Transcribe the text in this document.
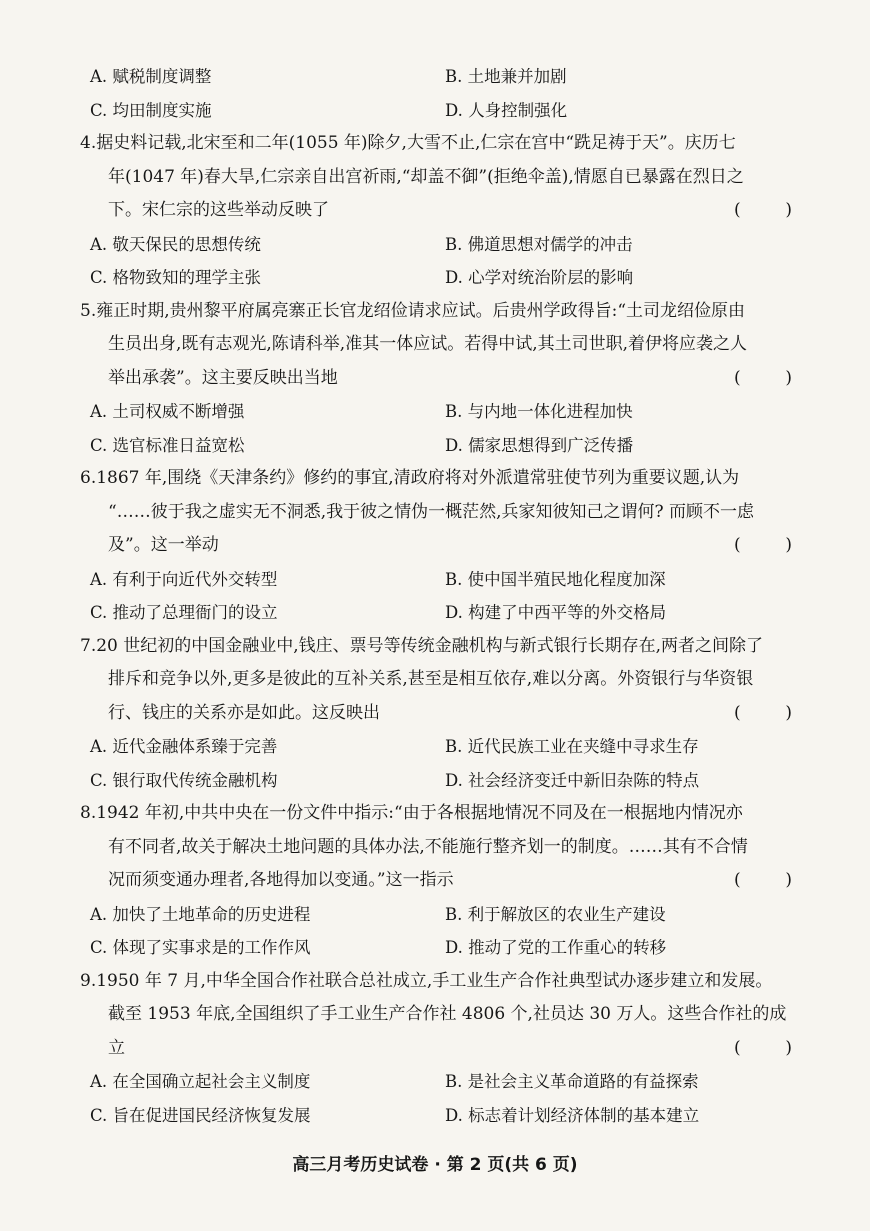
A. 赋税制度调整	B. 土地兼并加剧
C. 均田制度实施	D. 人身控制强化
4.据史料记载,北宋至和二年(1055 年)除夕,大雪不止,仁宗在宫中“跣足祷于天”。庆历七
年(1047 年)春大旱,仁宗亲自出宫祈雨,“却盖不御”(拒绝伞盖),情愿自已暴露在烈日之
下。宋仁宗的这些举动反映了	(	)
A. 敬天保民的思想传统	B. 佛道思想对儒学的冲击
C. 格物致知的理学主张	D. 心学对统治阶层的影响
5.雍正时期,贵州黎平府属亮寨正长官龙绍俭请求应试。后贵州学政得旨:“土司龙绍俭原由
生员出身,既有志观光,陈请科举,准其一体应试。若得中试,其土司世职,着伊将应袭之人
举出承袭”。这主要反映出当地	(	)
A. 土司权威不断增强	B. 与内地一体化进程加快
C. 选官标准日益宽松	D. 儒家思想得到广泛传播
6.1867 年,围绕《天津条约》修约的事宜,清政府将对外派遣常驻使节列为重要议题,认为
“……彼于我之虚实无不洞悉,我于彼之情伪一概茫然,兵家知彼知己之谓何? 而顾不一虑
及”。这一举动	(	)
A. 有利于向近代外交转型	B. 使中国半殖民地化程度加深
C. 推动了总理衙门的设立	D. 构建了中西平等的外交格局
7.20 世纪初的中国金融业中,钱庄、票号等传统金融机构与新式银行长期存在,两者之间除了
排斥和竞争以外,更多是彼此的互补关系,甚至是相互依存,难以分离。外资银行与华资银
行、钱庄的关系亦是如此。这反映出	(	)
A. 近代金融体系臻于完善	B. 近代民族工业在夹缝中寻求生存
C. 银行取代传统金融机构	D. 社会经济变迁中新旧杂陈的特点
8.1942 年初,中共中央在一份文件中指示:“由于各根据地情况不同及在一根据地内情况亦
有不同者,故关于解决土地问题的具体办法,不能施行整齐划一的制度。……其有不合情
况而须变通办理者,各地得加以变通。”这一指示	(	)
A. 加快了土地革命的历史进程	B. 利于解放区的农业生产建设
C. 体现了实事求是的工作作风	D. 推动了党的工作重心的转移
9.1950 年 7 月,中华全国合作社联合总社成立,手工业生产合作社典型试办逐步建立和发展。
截至 1953 年底,全国组织了手工业生产合作社 4806 个,社员达 30 万人。这些合作社的成
立	(	)
A. 在全国确立起社会主义制度	B. 是社会主义革命道路的有益探索
C. 旨在促进国民经济恢复发展	D. 标志着计划经济体制的基本建立
高三月考历史试卷 · 第 2 页(共 6 页)
